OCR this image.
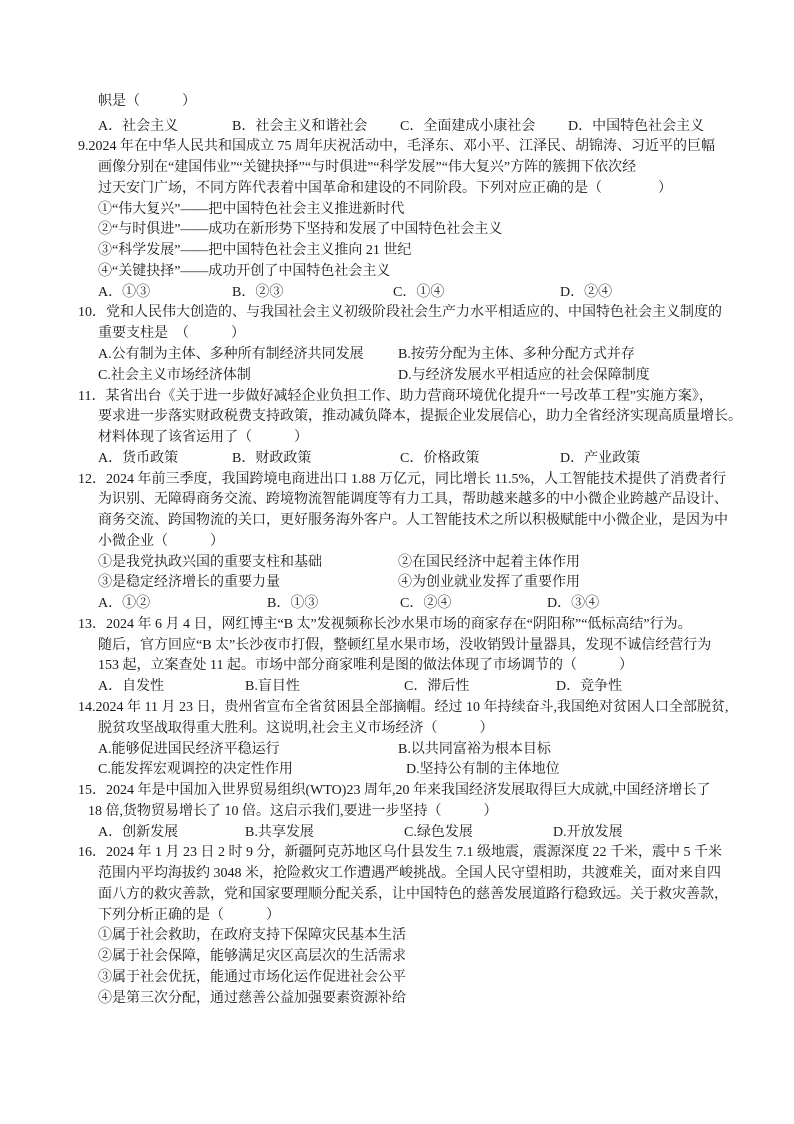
帜是（　　　）
A．社会主义	B．社会主义和谐社会	C．全面建成小康社会	D．中国特色社会主义
9.2024 年在中华人民共和国成立 75 周年庆祝活动中，毛泽东、邓小平、江泽民、胡锦涛、习近平的巨幅
画像分别在“建国伟业”“关键抉择”“与时俱进”“科学发展”“伟大复兴”方阵的簇拥下依次经
过天安门广场，不同方阵代表着中国革命和建设的不同阶段。下列对应正确的是（　　　　）
①“伟大复兴”——把中国特色社会主义推进新时代
②“与时俱进”——成功在新形势下坚持和发展了中国特色社会主义
③“科学发展”——把中国特色社会主义推向 21 世纪
④“关键抉择”——成功开创了中国特色社会主义
A．①③	B．②③	C．①④	D．②④
10．党和人民伟大创造的、与我国社会主义初级阶段社会生产力水平相适应的、中国特色社会主义制度的
重要支柱是　（　　　）
A.公有制为主体、多种所有制经济共同发展	B.按劳分配为主体、多种分配方式并存
C.社会主义市场经济体制	D.与经济发展水平相适应的社会保障制度
11．某省出台《关于进一步做好减轻企业负担工作、助力营商环境优化提升“一号改革工程”实施方案》，
要求进一步落实财政税费支持政策，推动减负降本，提振企业发展信心，助力全省经济实现高质量增长。
材料体现了该省运用了（　　　）
A．货币政策	B．财政政策	C．价格政策	D．产业政策
12．2024 年前三季度，我国跨境电商进出口 1.88 万亿元，同比增长 11.5%，人工智能技术提供了消费者行
为识别、无障碍商务交流、跨境物流智能调度等有力工具，帮助越来越多的中小微企业跨越产品设计、
商务交流、跨国物流的关口，更好服务海外客户。人工智能技术之所以积极赋能中小微企业，是因为中
小微企业（　　　）
①是我党执政兴国的重要支柱和基础	②在国民经济中起着主体作用
③是稳定经济增长的重要力量	④为创业就业发挥了重要作用
A．①②	B．①③	C．②④	D．③④
13．2024 年 6 月 4 日，网红博主“B 太”发视频称长沙水果市场的商家存在“阴阳称”“低标高结”行为。
随后，官方回应“B 太”长沙夜市打假，整顿红星水果市场，没收销毁计量器具，发现不诚信经营行为
153 起，立案查处 11 起。市场中部分商家唯利是图的做法体现了市场调节的（　　　）
A．自发性	B.盲目性	C．滞后性	D．竞争性
14.2024 年 11 月 23 日，贵州省宣布全省贫困县全部摘帽。经过 10 年持续奋斗,我国绝对贫困人口全部脱贫,
脱贫攻坚战取得重大胜利。这说明,社会主义市场经济（　　　）
A.能够促进国民经济平稳运行	B.以共同富裕为根本目标
C.能发挥宏观调控的决定性作用	D.坚持公有制的主体地位
15．2024 年是中国加入世界贸易组织(WTO)23 周年,20 年来我国经济发展取得巨大成就,中国经济增长了
18 倍,货物贸易增长了 10 倍。这启示我们,要进一步坚持（　　　）
A．创新发展	B.共享发展	C.绿色发展	D.开放发展
16．2024 年 1 月 23 日 2 时 9 分，新疆阿克苏地区乌什县发生 7.1 级地震，震源深度 22 千米，震中 5 千米
范围内平均海拔约 3048 米，抢险救灾工作遭遇严峻挑战。全国人民守望相助，共渡难关，面对来自四
面八方的救灾善款，党和国家要理顺分配关系，让中国特色的慈善发展道路行稳致远。关于救灾善款，
下列分析正确的是（　　　）
①属于社会救助，在政府支持下保障灾民基本生活
②属于社会保障，能够满足灾区高层次的生活需求
③属于社会优抚，能通过市场化运作促进社会公平
④是第三次分配，通过慈善公益加强要素资源补给
